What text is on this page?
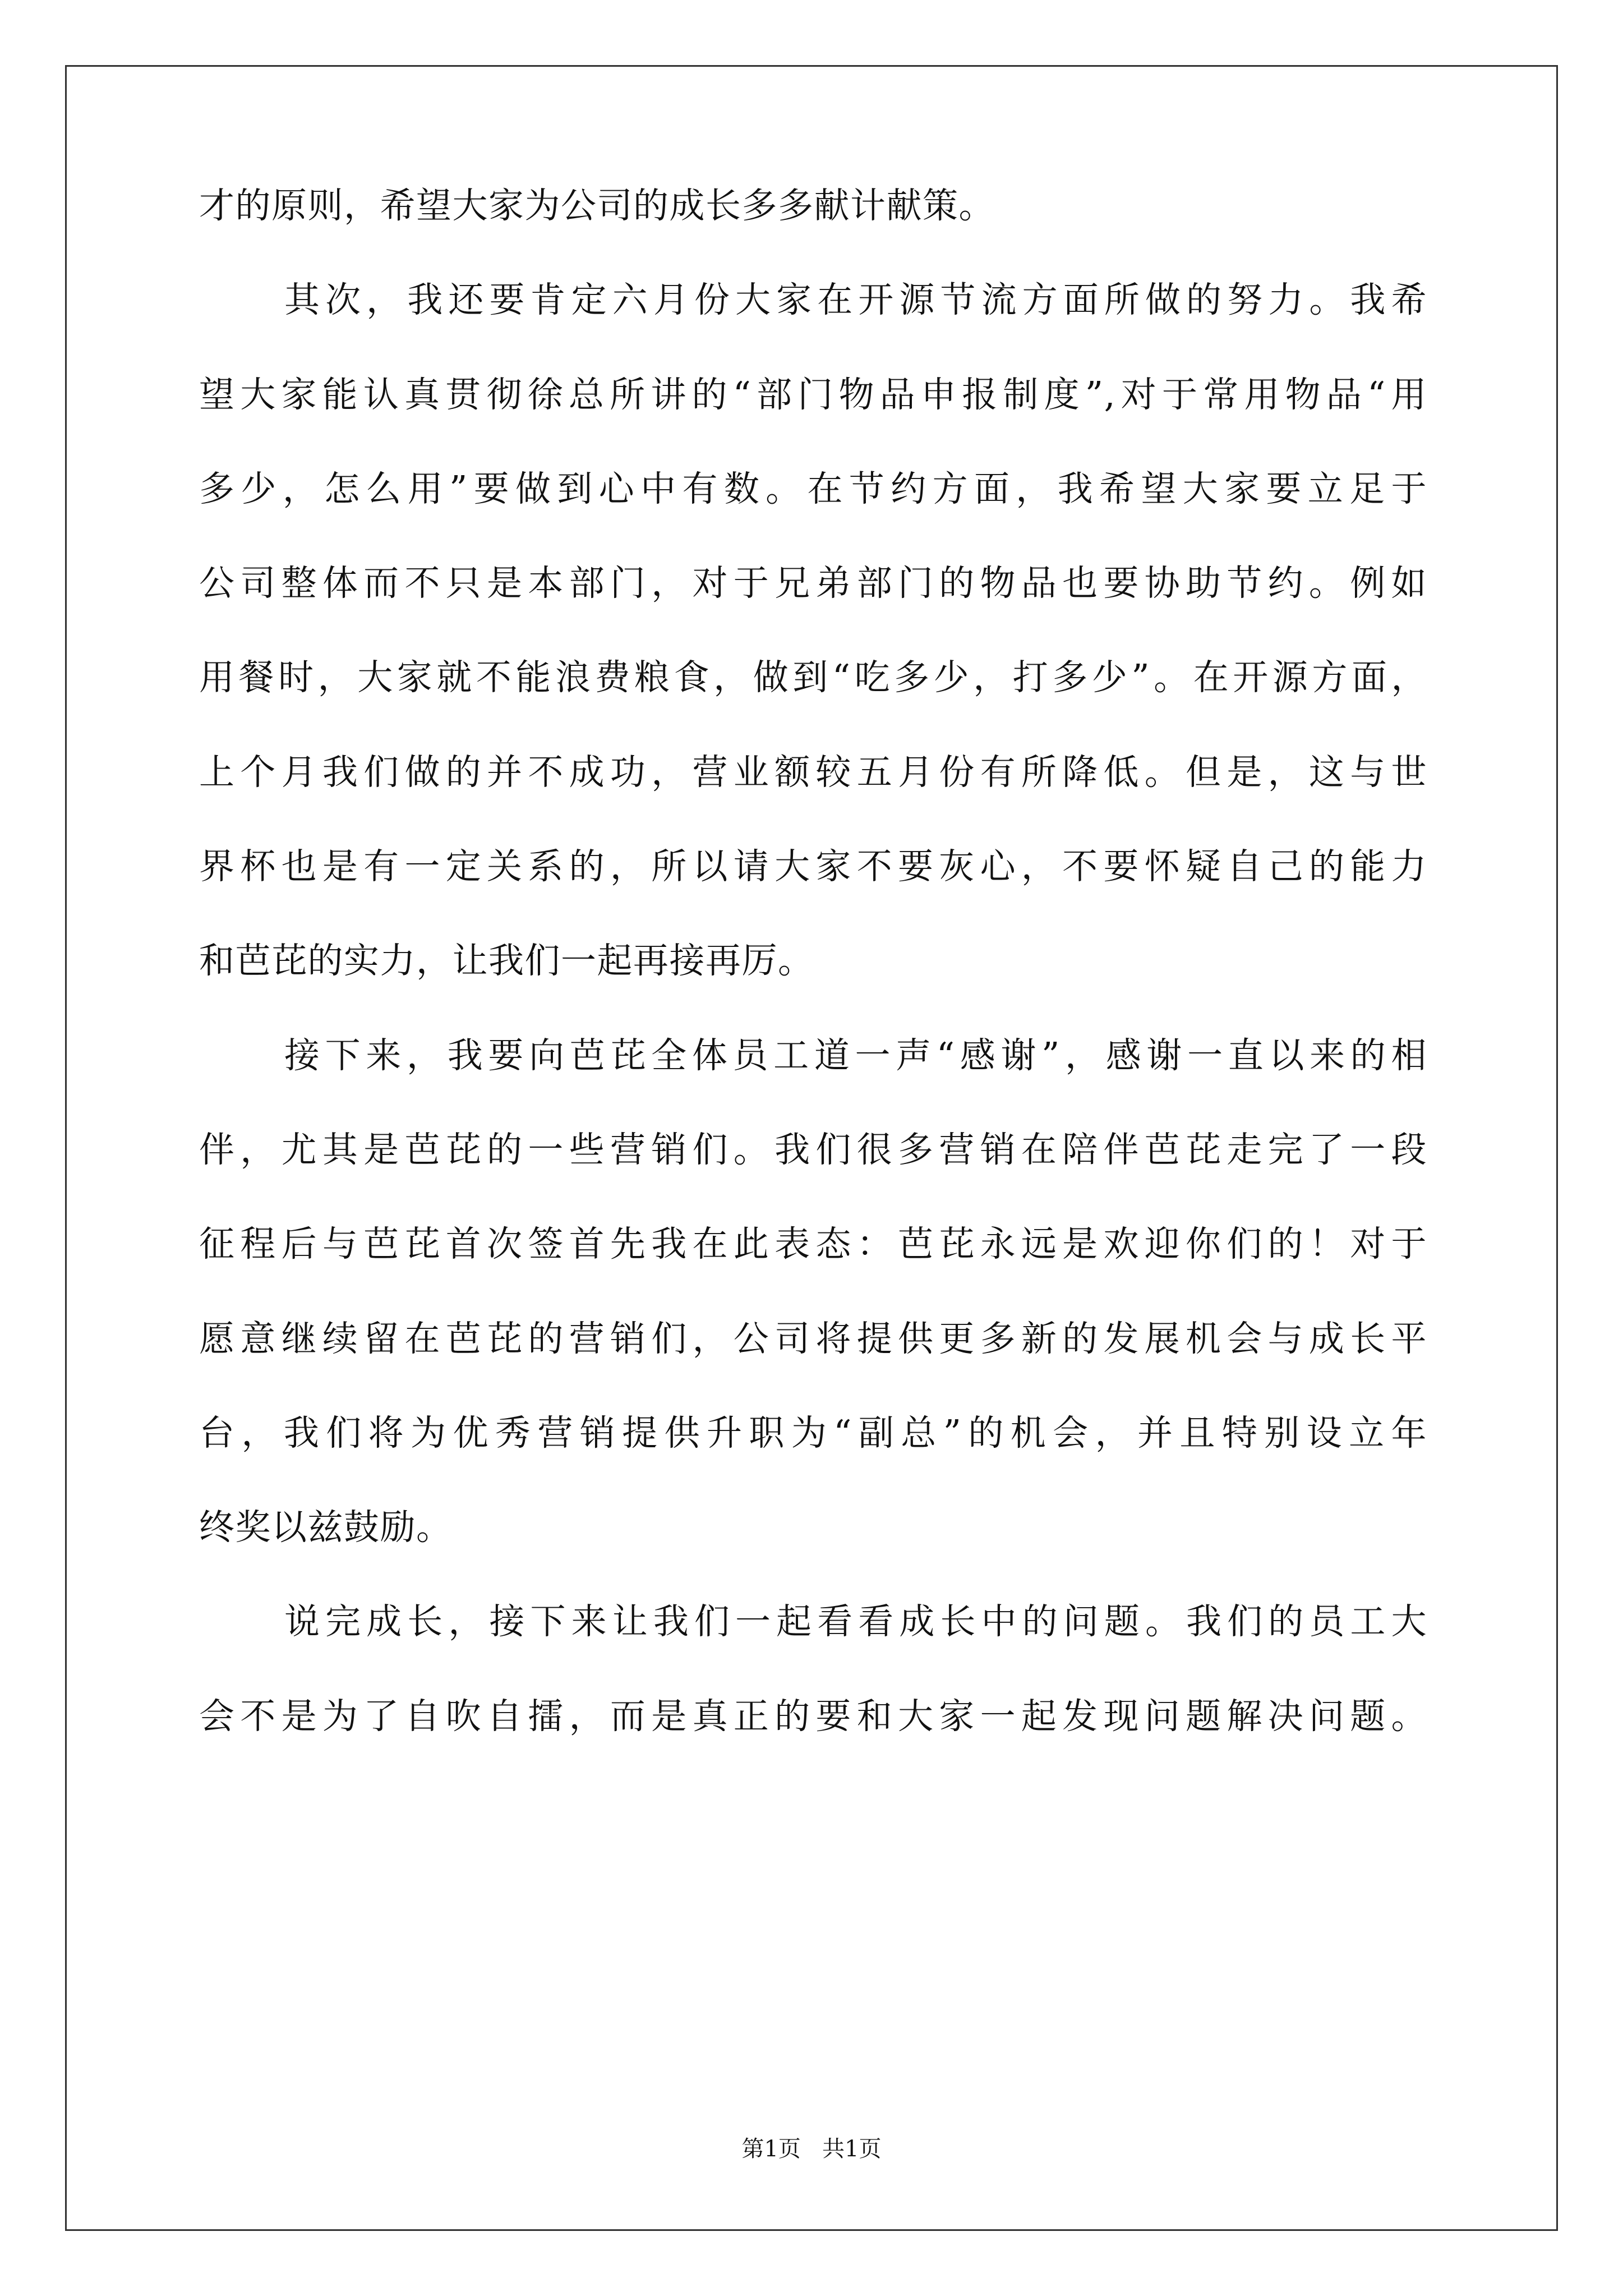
才的原则，希望大家为公司的成长多多献计献策。
其次，我还要肯定六月份大家在开源节流方面所做的努力。我希
望大家能认真贯彻徐总所讲的“部门物品申报制度”,对于常用物品“用
多少，怎么用”要做到心中有数。在节约方面，我希望大家要立足于
公司整体而不只是本部门，对于兄弟部门的物品也要协助节约。例如
用餐时，大家就不能浪费粮食，做到“吃多少，打多少”。在开源方面，
上个月我们做的并不成功，营业额较五月份有所降低。但是，这与世
界杯也是有一定关系的，所以请大家不要灰心，不要怀疑自己的能力
和芭芘的实力，让我们一起再接再厉。
接下来，我要向芭芘全体员工道一声“感谢”，感谢一直以来的相
伴，尤其是芭芘的一些营销们。我们很多营销在陪伴芭芘走完了一段
征程后与芭芘首次签首先我在此表态：芭芘永远是欢迎你们的！对于
愿意继续留在芭芘的营销们，公司将提供更多新的发展机会与成长平
台，我们将为优秀营销提供升职为“副总”的机会，并且特别设立年
终奖以兹鼓励。
说完成长，接下来让我们一起看看成长中的问题。我们的员工大
会不是为了自吹自擂，而是真正的要和大家一起发现问题解决问题。
第1页   共1页
